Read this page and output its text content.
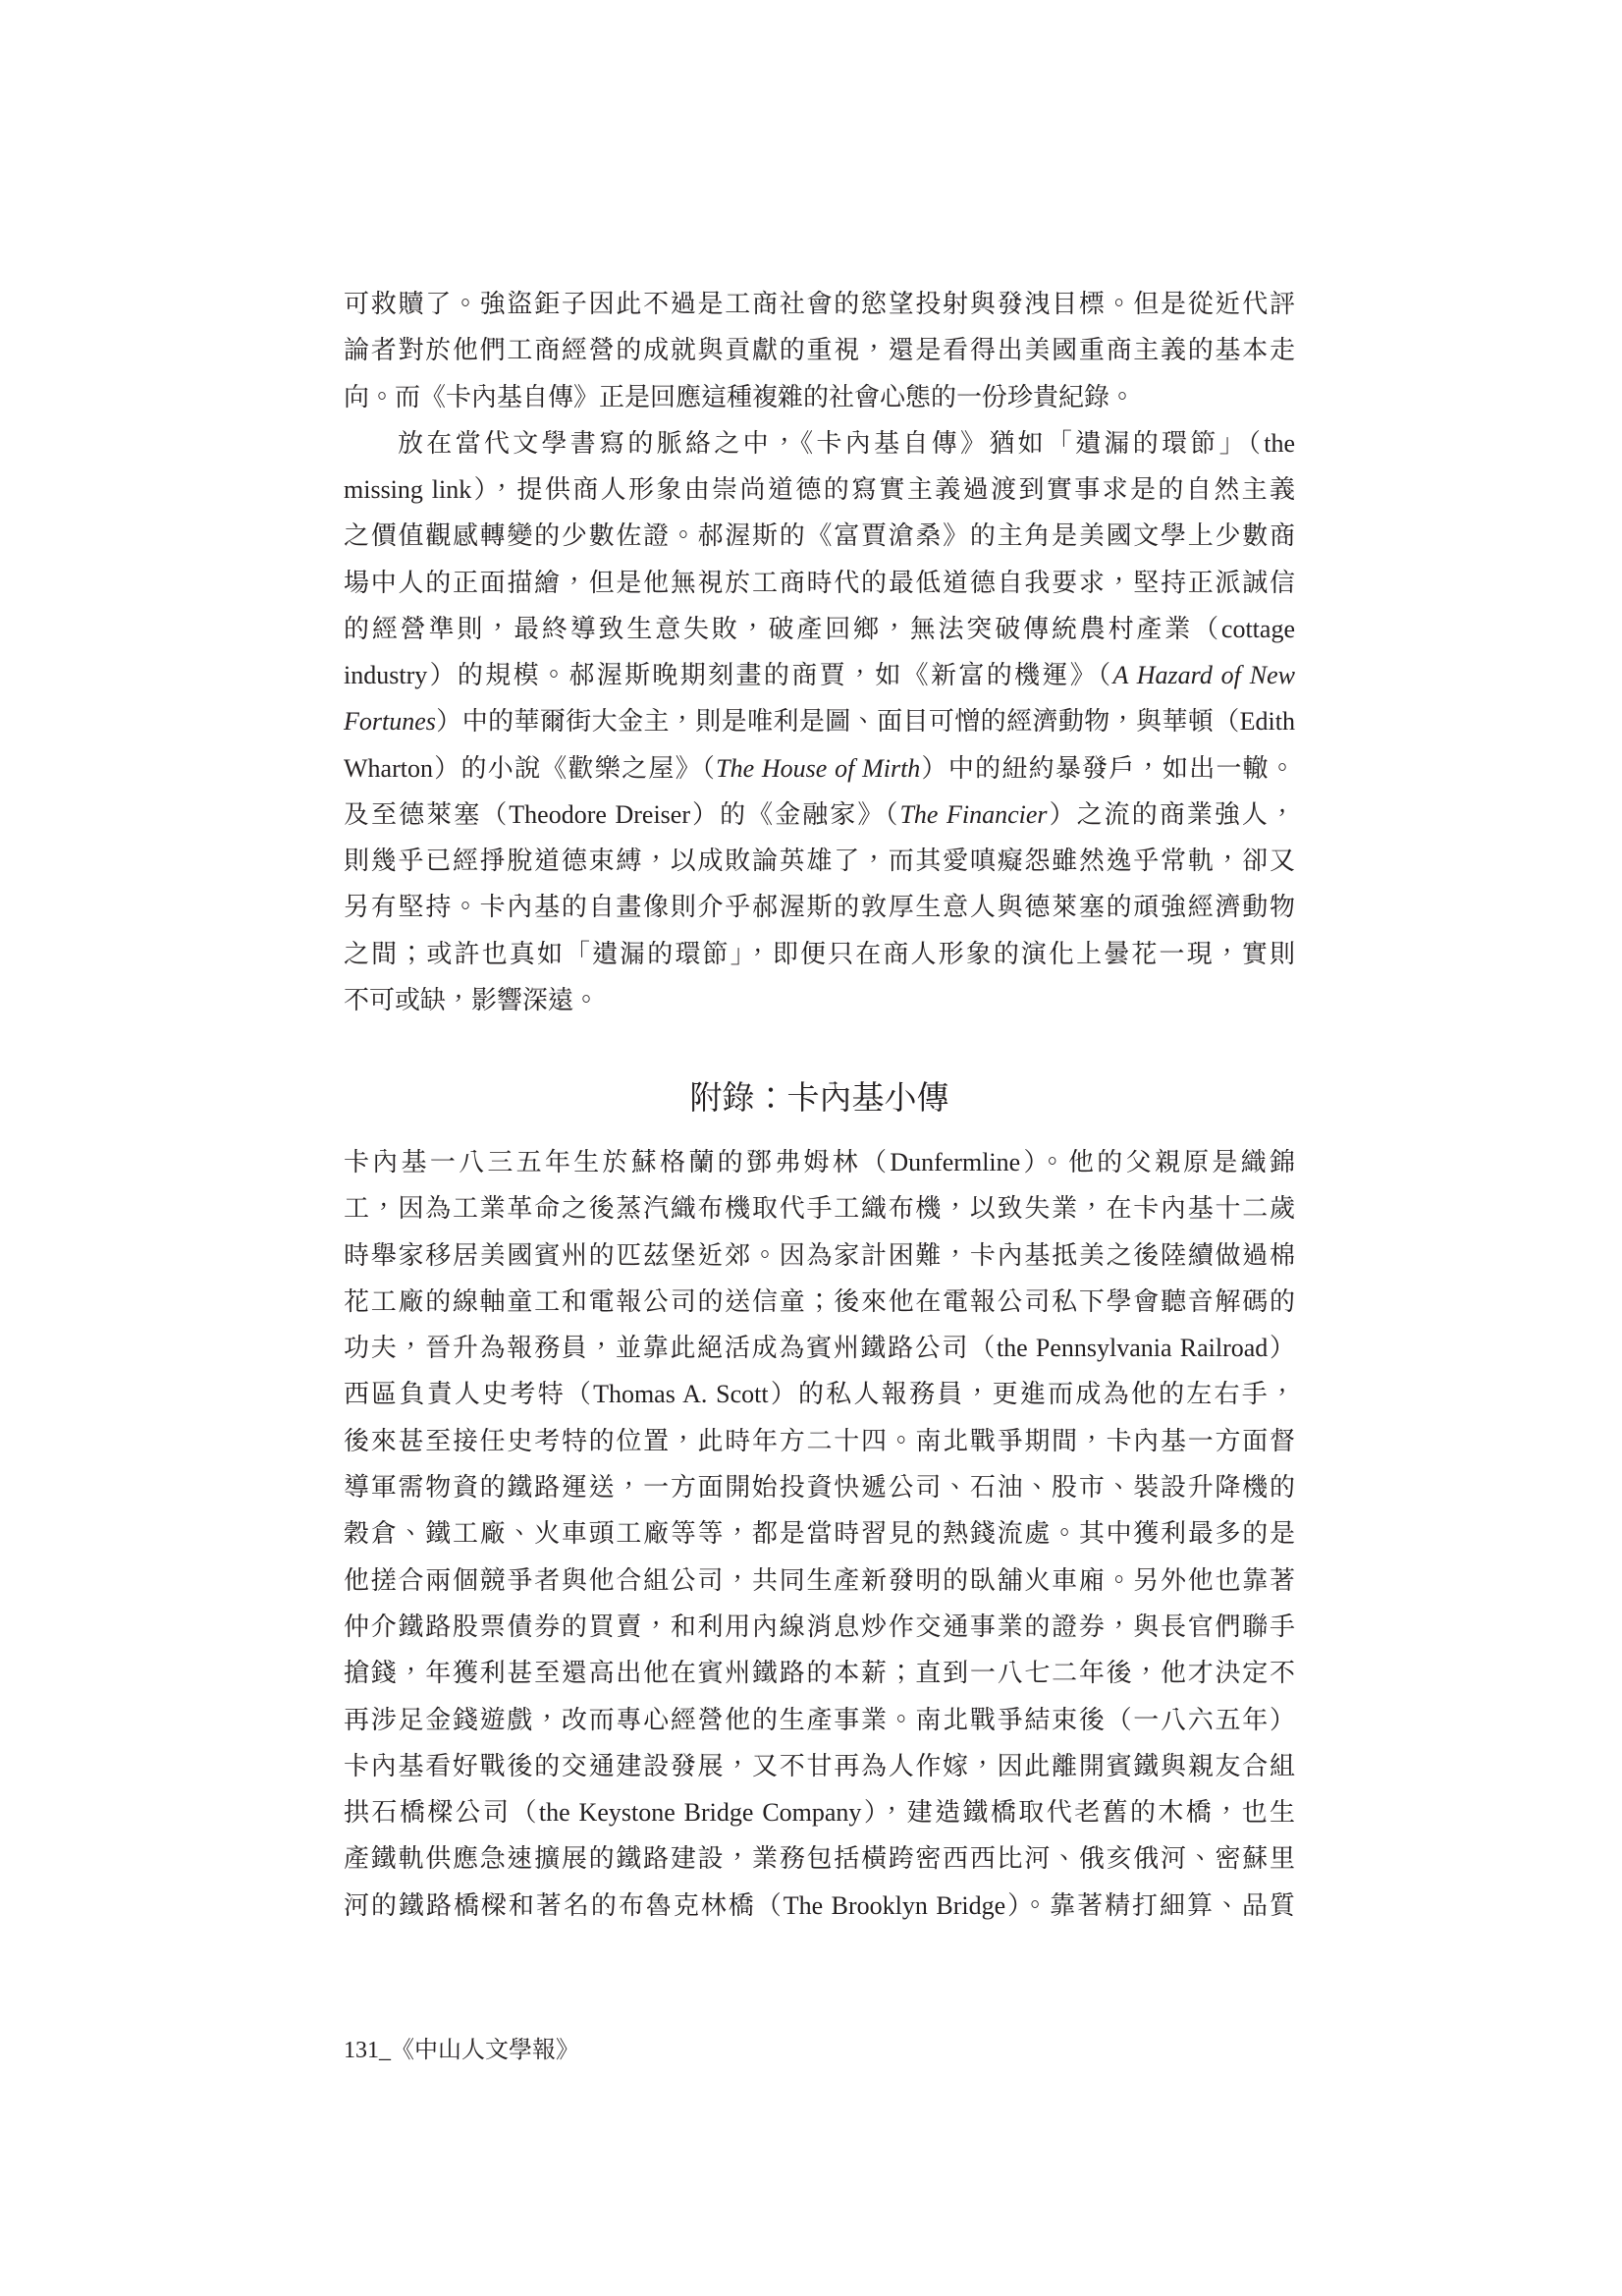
可救贖了。強盜鉅子因此不過是工商社會的慾望投射與發洩目標。但是從近代評
論者對於他們工商經營的成就與貢獻的重視，還是看得出美國重商主義的基本走
向。而《卡內基自傳》正是回應這種複雜的社會心態的一份珍貴紀錄。
放在當代文學書寫的脈絡之中，《卡內基自傳》猶如「遺漏的環節」（the
missing link），提供商人形象由崇尚道德的寫實主義過渡到實事求是的自然主義
之價值觀感轉變的少數佐證。郝渥斯的《富賈滄桑》的主角是美國文學上少數商
場中人的正面描繪，但是他無視於工商時代的最低道德自我要求，堅持正派誠信
的經營準則，最終導致生意失敗，破產回鄉，無法突破傳統農村產業（cottage
industry）的規模。郝渥斯晚期刻畫的商賈，如《新富的機運》（A Hazard of New
Fortunes）中的華爾街大金主，則是唯利是圖、面目可憎的經濟動物，與華頓（Edith
Wharton）的小說《歡樂之屋》（The House of Mirth）中的紐約暴發戶，如出一轍。
及至德萊塞（Theodore Dreiser）的《金融家》（The Financier）之流的商業強人，
則幾乎已經掙脫道德束縛，以成敗論英雄了，而其愛嗔癡怨雖然逸乎常軌，卻又
另有堅持。卡內基的自畫像則介乎郝渥斯的敦厚生意人與德萊塞的頑強經濟動物
之間；或許也真如「遺漏的環節」，即便只在商人形象的演化上曇花一現，實則
不可或缺，影響深遠。
附錄：卡內基小傳
卡內基一八三五年生於蘇格蘭的鄧弗姆林（Dunfermline）。他的父親原是織錦
工，因為工業革命之後蒸汽織布機取代手工織布機，以致失業，在卡內基十二歲
時舉家移居美國賓州的匹茲堡近郊。因為家計困難，卡內基抵美之後陸續做過棉
花工廠的線軸童工和電報公司的送信童；後來他在電報公司私下學會聽音解碼的
功夫，晉升為報務員，並靠此絕活成為賓州鐵路公司（the Pennsylvania Railroad）
西區負責人史考特（Thomas A. Scott）的私人報務員，更進而成為他的左右手，
後來甚至接任史考特的位置，此時年方二十四。南北戰爭期間，卡內基一方面督
導軍需物資的鐵路運送，一方面開始投資快遞公司、石油、股市、裝設升降機的
穀倉、鐵工廠、火車頭工廠等等，都是當時習見的熱錢流處。其中獲利最多的是
他搓合兩個競爭者與他合組公司，共同生產新發明的臥舖火車廂。另外他也靠著
仲介鐵路股票債券的買賣，和利用內線消息炒作交通事業的證券，與長官們聯手
搶錢，年獲利甚至還高出他在賓州鐵路的本薪；直到一八七二年後，他才決定不
再涉足金錢遊戲，改而專心經營他的生產事業。南北戰爭結束後（一八六五年）
卡內基看好戰後的交通建設發展，又不甘再為人作嫁，因此離開賓鐵與親友合組
拱石橋樑公司（the Keystone Bridge Company），建造鐵橋取代老舊的木橋，也生
產鐵軌供應急速擴展的鐵路建設，業務包括橫跨密西西比河、俄亥俄河、密蘇里
河的鐵路橋樑和著名的布魯克林橋（The Brooklyn Bridge）。靠著精打細算、品質
131_《中山人文學報》
